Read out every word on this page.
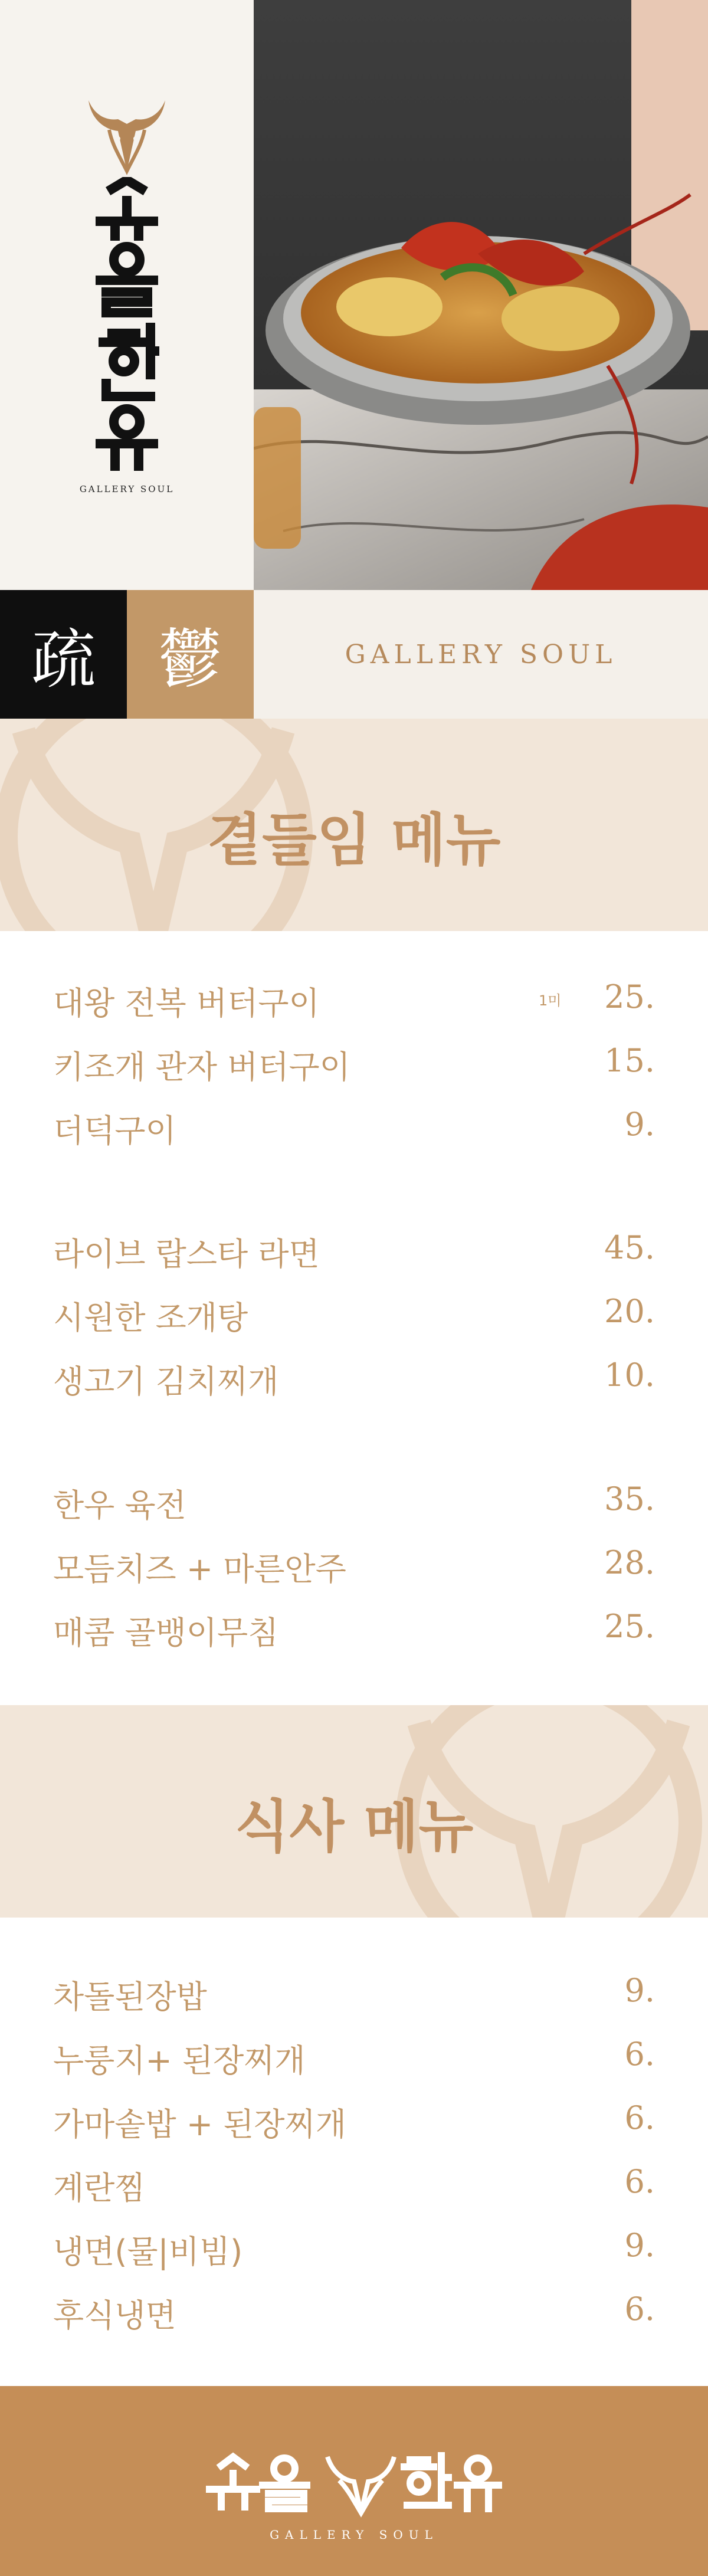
GALLERY SOUL
疏 鬱	GALLERY SOUL
곁들임 메뉴
대왕 전복 버터구이	1미 25.
키조개 관자 버터구이	15.
더덕구이	9.
라이브 랍스타 라면	45.
시원한 조개탕	20.
생고기 김치찌개	10.
한우 육전	35.
모듬치즈 + 마른안주	28.
매콤 골뱅이무침	25.
식사 메뉴
차돌된장밥	9.
누룽지+ 된장찌개	6.
가마솥밥 + 된장찌개	6.
계란찜	6.
냉면(물|비빔)	9.
후식냉면	6.
GALLERY SOUL
